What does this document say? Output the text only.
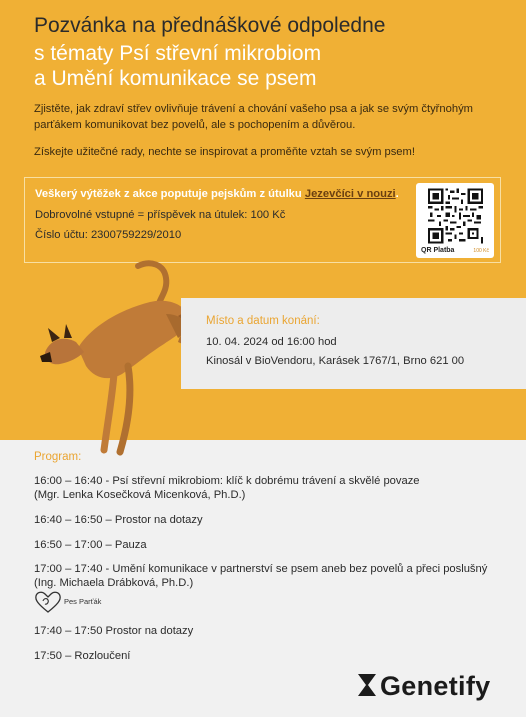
Pozvánka na přednáškové odpoledne
s tématy Psí střevní mikrobiom
a Umění komunikace se psem
Zjistěte, jak zdraví střev ovlivňuje trávení a chování vašeho psa a jak se svým čtyřnohým parťákem komunikovat bez povelů, ale s pochopením a důvěrou.
Získejte užitečné rady, nechte se inspirovat a proměňte vztah se svým psem!
Veškerý výtěžek z akce poputuje pejskům z útulku Jezevčíci v nouzi.
Dobrovolné vstupné = příspěvek na útulek: 100 Kč
Číslo účtu: 2300759229/2010
QR Platba	100 Kč
Místo a datum konání:
10. 04. 2024 od 16:00 hod
Kinosál v BioVendoru, Karásek 1767/1, Brno 621 00
Program:
16:00 – 16:40 - Psí střevní mikrobiom: klíč k dobrému trávení a skvělé povaze
(Mgr. Lenka Kosečková Micenková, Ph.D.)
16:40 – 16:50 – Prostor na dotazy
16:50 – 17:00 – Pauza
17:00 – 17:40 - Umění komunikace v partnerství se psem aneb bez povelů a přeci poslušný
(Ing. Michaela Drábková, Ph.D.)
17:40 – 17:50 Prostor na dotazy
17:50 – Rozloučení
Pes Parťák
Genetify
